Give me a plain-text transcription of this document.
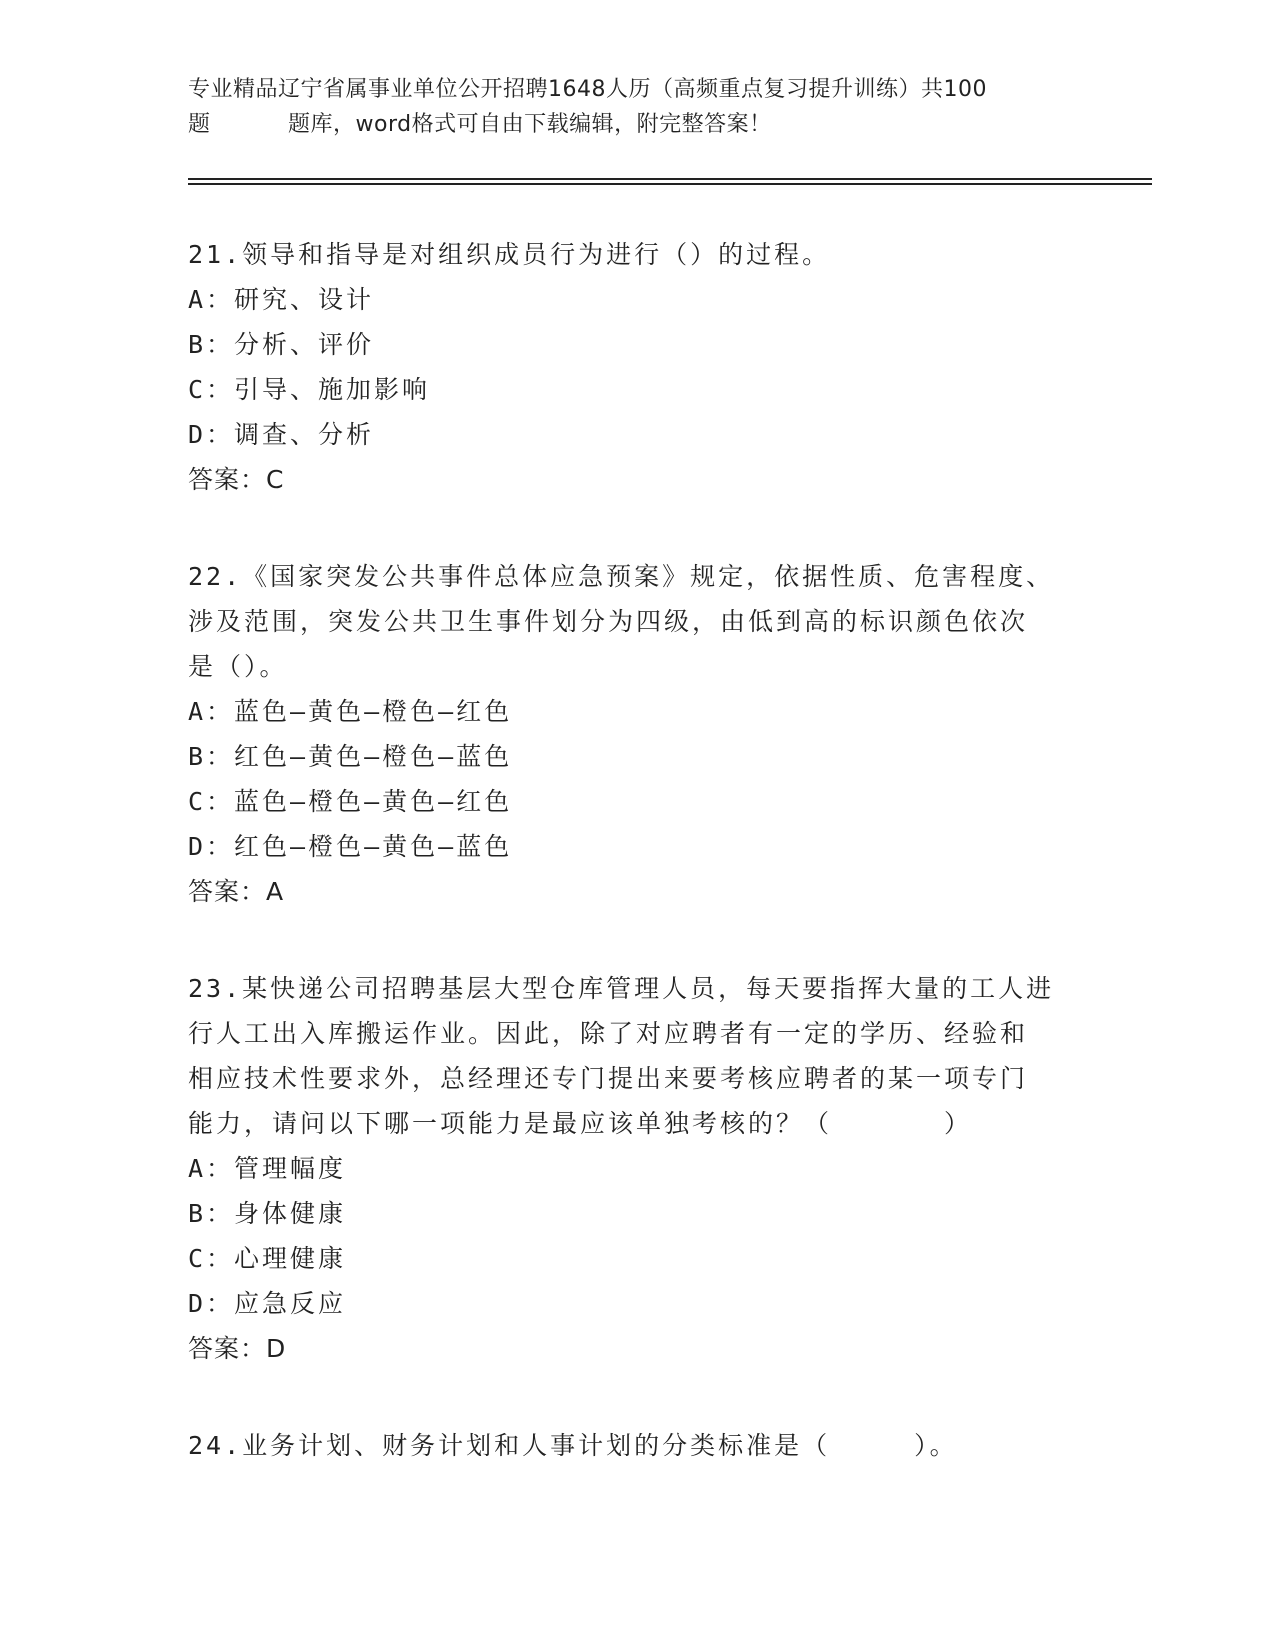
专业精品辽宁省属事业单位公开招聘1648人历（高频重点复习提升训练）共100
题	题库，word格式可自由下载编辑，附完整答案！
21.领导和指导是对组织成员行为进行（）的过程。
A：研究、设计
B：分析、评价
C：引导、施加影响
D：调查、分析
答案：C
22.《国家突发公共事件总体应急预案》规定，依据性质、危害程度、
涉及范围，突发公共卫生事件划分为四级，由低到高的标识颜色依次
是（）。
A：蓝色—黄色—橙色—红色
B：红色—黄色—橙色—蓝色
C：蓝色—橙色—黄色—红色
D：红色—橙色—黄色—蓝色
答案：A
23.某快递公司招聘基层大型仓库管理人员，每天要指挥大量的工人进
行人工出入库搬运作业。因此，除了对应聘者有一定的学历、经验和
相应技术性要求外，总经理还专门提出来要考核应聘者的某一项专门
能力，请问以下哪一项能力是最应该单独考核的？（　　　　）
A：管理幅度
B：身体健康
C：心理健康
D：应急反应
答案：D
24.业务计划、财务计划和人事计划的分类标准是（　　　）。
